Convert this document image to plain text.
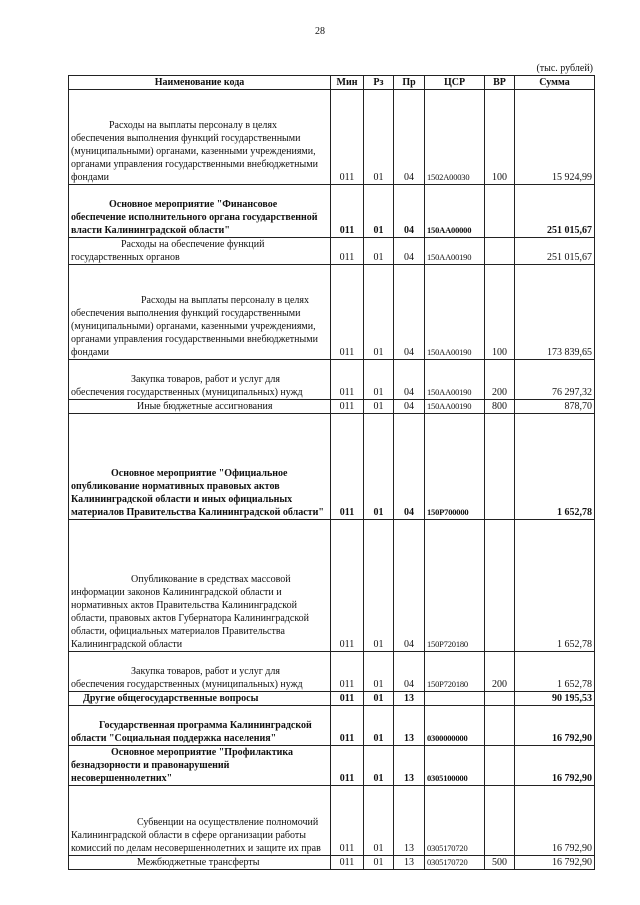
28
(тыс. рублей)
Наименование кода	Мин	Рз	Пр	ЦСР	ВР	Сумма
Расходы на выплаты персоналу в целях обеспечения выполнения функций государственными (муниципальными) органами, казенными учреждениями, органами управления государственными внебюджетными фондами	011	01	04	1502А00030	100	15 924,99
Основное мероприятие "Финансовое обеспечение исполнительного органа государственной власти Калининградской области"	011	01	04	150АА00000		251 015,67
Расходы на обеспечение функций государственных органов	011	01	04	150АА00190		251 015,67
Расходы на выплаты персоналу в целях обеспечения выполнения функций государственными (муниципальными) органами, казенными учреждениями, органами управления государственными внебюджетными фондами	011	01	04	150АА00190	100	173 839,65
Закупка товаров, работ и услуг для обеспечения государственных (муниципальных) нужд	011	01	04	150АА00190	200	76 297,32
Иные бюджетные ассигнования	011	01	04	150АА00190	800	878,70
Основное мероприятие "Официальное опубликование нормативных правовых актов Калининградской области и иных официальных материалов Правительства Калининградской области"	011	01	04	150Р700000		1 652,78
Опубликование в средствах массовой информации законов Калининградской области и нормативных актов Правительства Калининградской области, правовых актов Губернатора Калининградской области, официальных материалов Правительства Калининградской области	011	01	04	150Р720180		1 652,78
Закупка товаров, работ и услуг для обеспечения государственных (муниципальных) нужд	011	01	04	150Р720180	200	1 652,78
Другие общегосударственные вопросы	011	01	13			90 195,53
Государственная программа Калининградской области "Социальная поддержка населения"	011	01	13	0300000000		16 792,90
Основное мероприятие "Профилактика безнадзорности и правонарушений несовершеннолетних"	011	01	13	0305100000		16 792,90
Субвенции на осуществление полномочий Калининградской области в сфере организации работы комиссий по делам несовершеннолетних и защите их прав	011	01	13	0305170720		16 792,90
Межбюджетные трансферты	011	01	13	0305170720	500	16 792,90
